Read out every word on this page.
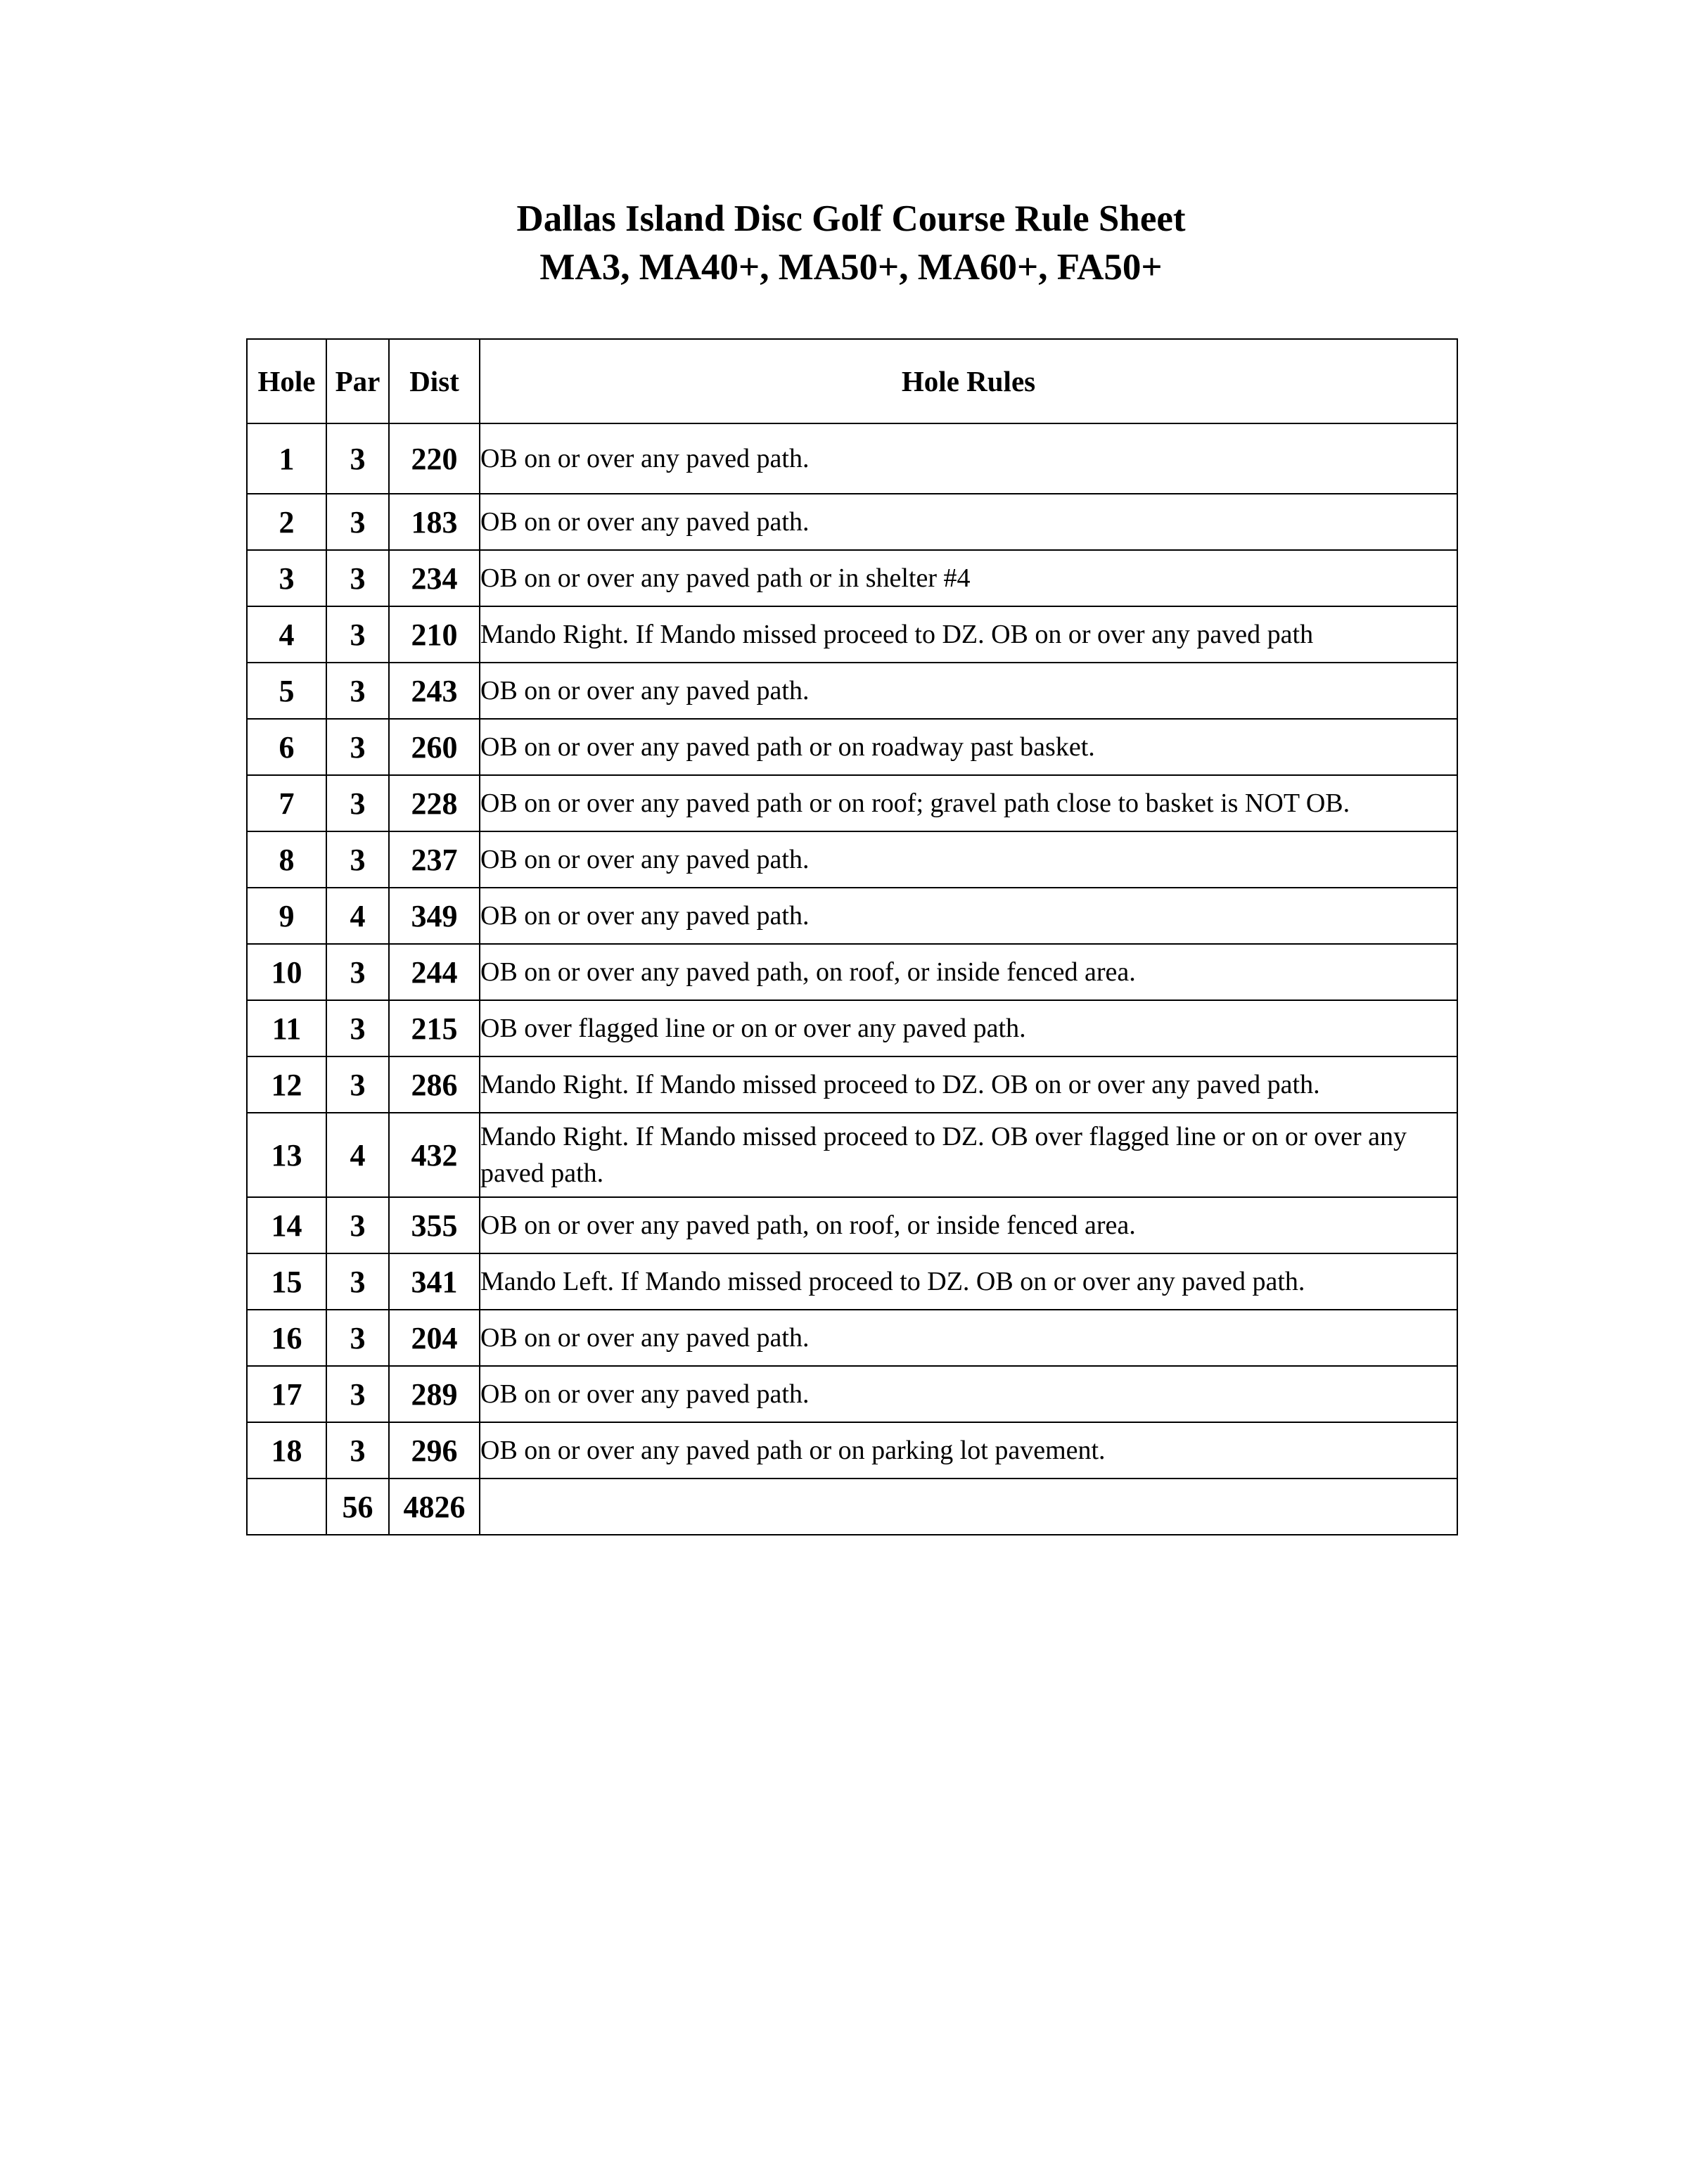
Dallas Island Disc Golf Course Rule Sheet

MA3, MA40+, MA50+, MA60+, FA50+

Hole	Par	Dist	Hole Rules
1	3	220	OB on or over any paved path.
2	3	183	OB on or over any paved path.
3	3	234	OB on or over any paved path or in shelter #4
4	3	210	Mando Right. If Mando missed proceed to DZ. OB on or over any paved path
5	3	243	OB on or over any paved path.
6	3	260	OB on or over any paved path or on roadway past basket.
7	3	228	OB on or over any paved path or on roof; gravel path close to basket is NOT OB.
8	3	237	OB on or over any paved path.
9	4	349	OB on or over any paved path.
10	3	244	OB on or over any paved path, on roof, or inside fenced area.
11	3	215	OB over flagged line or on or over any paved path.
12	3	286	Mando Right. If Mando missed proceed to DZ. OB on or over any paved path.
13	4	432	Mando Right. If Mando missed proceed to DZ. OB over flagged line or on or over any paved path.
14	3	355	OB on or over any paved path, on roof, or inside fenced area.
15	3	341	Mando Left. If Mando missed proceed to DZ. OB on or over any paved path.
16	3	204	OB on or over any paved path.
17	3	289	OB on or over any paved path.
18	3	296	OB on or over any paved path or on parking lot pavement.
	56	4826	
